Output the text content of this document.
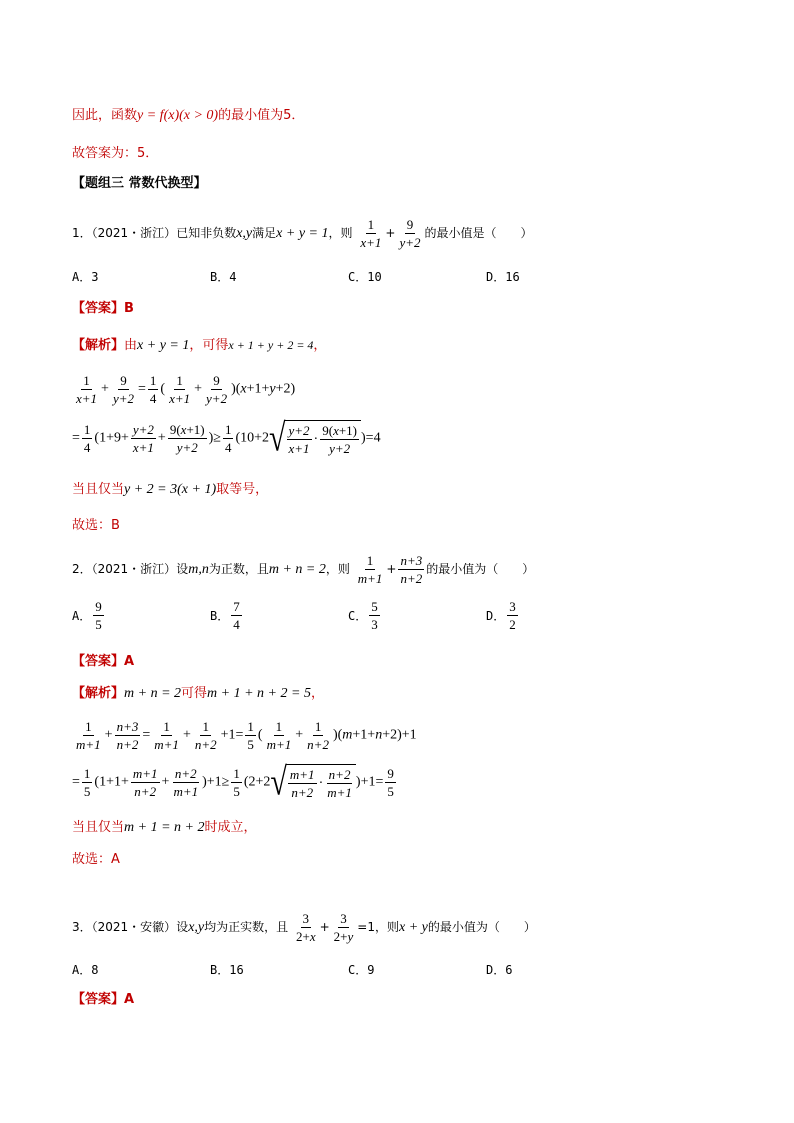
因此，函数y = f(x)(x > 0)的最小值为5．
故答案为：5．
【题组三 常数代换型】
1．（2021・浙江）已知非负数x,y满足x + y = 1，则 $\frac{1}{x+1} + \frac{9}{y+2}$ 的最小值是（　　）
A．3	B．4	C．10	D．16
【答案】B
【解析】由x + y = 1，可得x + 1 + y + 2 = 4，
$\frac{1}{x+1} + \frac{9}{y+2} = \frac{1}{4}$ ( $\frac{1}{x+1} + \frac{9}{y+2} )(x+1+y+2)$
= $\frac{1}{4} (1+9+ \frac{y+2}{x+1} + \frac{9(x+1)}{y+2}$ )≥ $\frac{1}{4} (10+2$ √ $\frac{y+2}{x+1} \cdot \frac{9(x+1)}{y+2} )=4$
当且仅当y + 2 = 3(x + 1)取等号，
故选：B
2．（2021・浙江）设m,n为正数，且m + n = 2，则 $\frac{1}{m+1} + \frac{n+3}{n+2}$ 的最小值为（　　）
A． $\frac{9}{5}$	B． $\frac{7}{4}$	C． $\frac{5}{3}$	D． $\frac{3}{2}$
【答案】A
【解析】m + n = 2可得m + 1 + n + 2 = 5，
$\frac{1}{m+1} + \frac{n+3}{n+2} = \frac{1}{m+1} + \frac{1}{n+2} +1= \frac{1}{5}$ ( $\frac{1}{m+1} + \frac{1}{n+2} )(m+1+n+2)+1$
= $\frac{1}{5} (1+1+ \frac{m+1}{n+2} + \frac{n+2}{m+1} )+1\ge \frac{1}{5} (2+2$ √ $\frac{m+1}{n+2} \cdot \frac{n+2}{m+1} )+1= \frac{9}{5}$
当且仅当m + 1 = n + 2时成立，
故选：A
3．（2021・安徽）设x,y均为正实数，且 $\frac{3}{2+x} + \frac{3}{2+y} =1$，则x + y的最小值为（　　）
A．8	B．16	C．9	D．6
【答案】A
